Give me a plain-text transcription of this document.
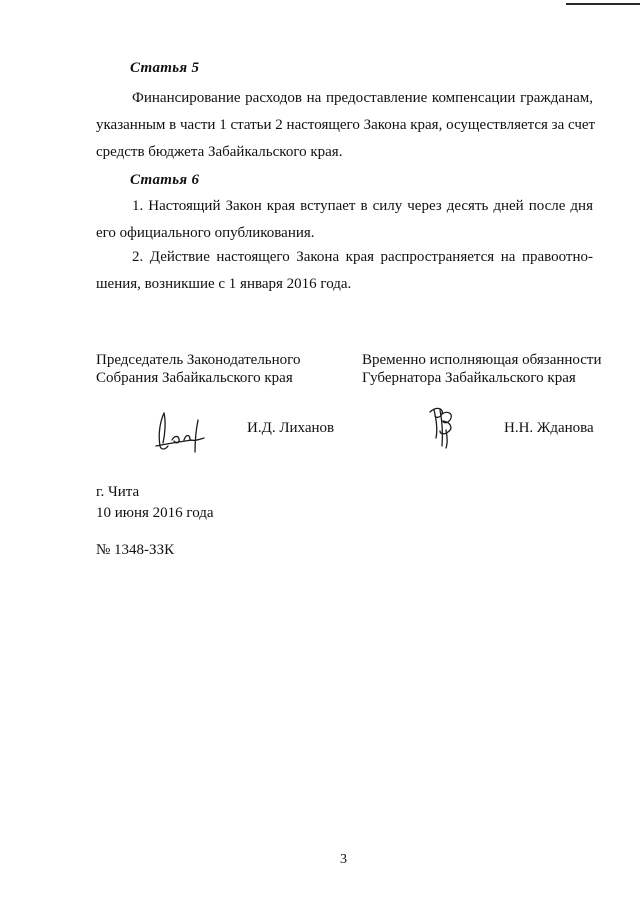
Статья 5
Финансирование расходов на предоставление компенсации гражданам,
указанным в части 1 статьи 2 настоящего Закона края, осуществляется за счет
средств бюджета Забайкальского края.
Статья 6
1. Настоящий Закон края вступает в силу через десять дней после дня
его официального опубликования.
2. Действие настоящего Закона края распространяется на правоотно-
шения, возникшие с 1 января 2016 года.
Председатель Законодательного
Собрания Забайкальского края
Временно исполняющая обязанности
Губернатора Забайкальского края
И.Д. Лиханов	Н.Н. Жданова
г. Чита
10 июня 2016 года
№ 1348-ЗЗК
3
